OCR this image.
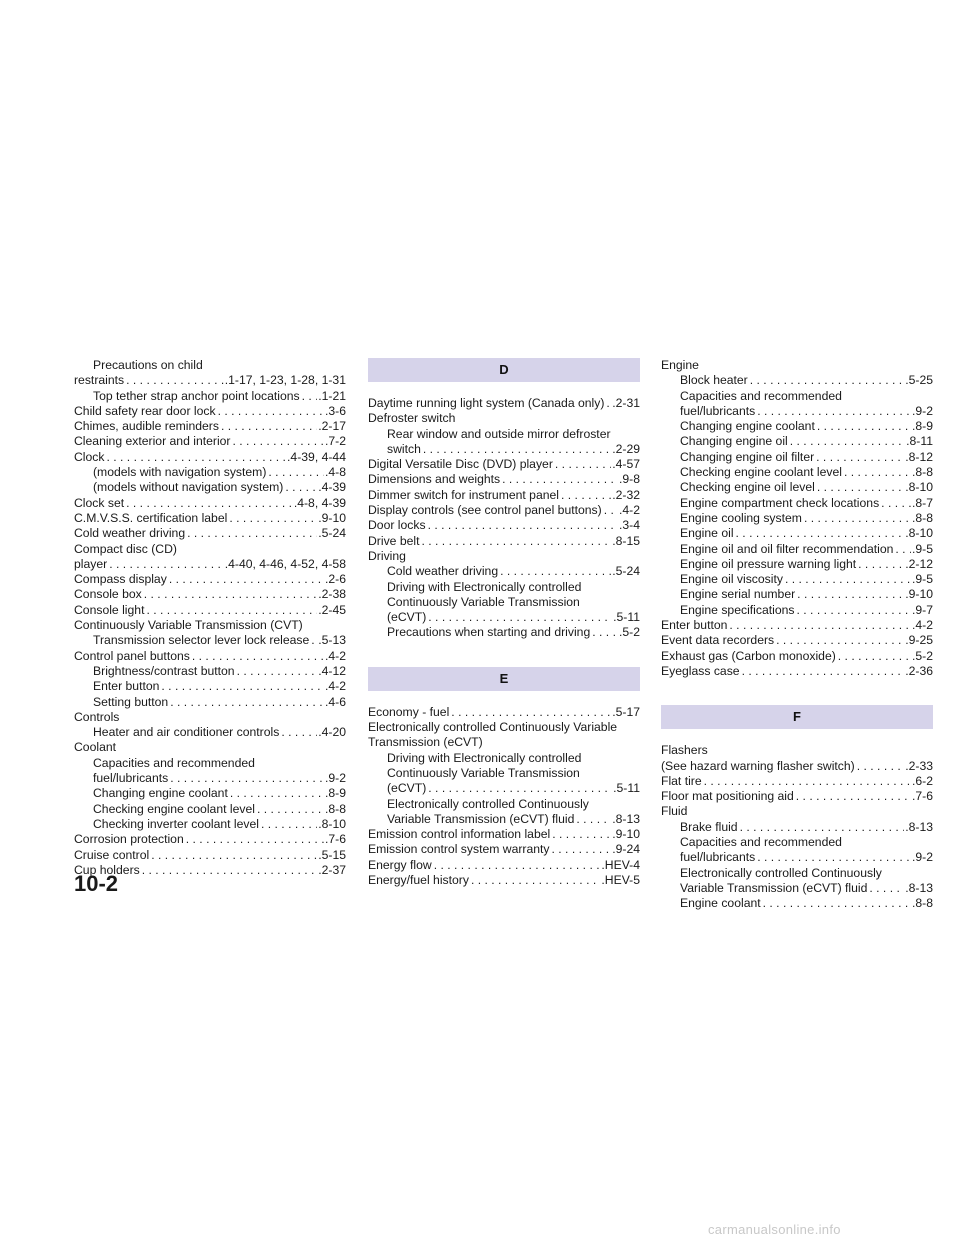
Precautions on child
restraints . . .	.1-17, 1-23, 1-28, 1-31
Top tether strap anchor point locations . . . .1-21
Child safety rear door lock . . .	.3-6
Chimes, audible reminders . . .	.2-17
Cleaning exterior and interior . . .	.7-2
Clock . . .	.4-39, 4-44
(models with navigation system) . . .	.4-8
(models without navigation system) . . .	.4-39
Clock set . . .	.4-8, 4-39
C.M.V.S.S. certification label . . .	.9-10
Cold weather driving . . .	.5-24
Compact disc (CD)
player . . .	.4-40, 4-46, 4-52, 4-58
Compass display . . .	.2-6
Console box . . .	.2-38
Console light . . .	.2-45
Continuously Variable Transmission (CVT)
Transmission selector lever lock release . . . .5-13
Control panel buttons . . .	.4-2
Brightness/contrast button . . .	.4-12
Enter button . . .	.4-2
Setting button . . .	.4-6
Controls
Heater and air conditioner controls . . .	.4-20
Coolant
Capacities and recommended
fuel/lubricants . . .	.9-2
Changing engine coolant . . .	.8-9
Checking engine coolant level . . .	.8-8
Checking inverter coolant level . . .	.8-10
Corrosion protection . . .	.7-6
Cruise control . . .	.5-15
Cup holders . . .	.2-37
D
Daytime running light system (Canada only) . . . .2-31
Defroster switch
Rear window and outside mirror defroster
switch . . .	.2-29
Digital Versatile Disc (DVD) player . . .	.4-57
Dimensions and weights . . .	.9-8
Dimmer switch for instrument panel . . .	.2-32
Display controls (see control panel buttons) . . . .4-2
Door locks . . .	.3-4
Drive belt . . .	.8-15
Driving
Cold weather driving . . .	.5-24
Driving with Electronically controlled
Continuously Variable Transmission
(eCVT) . . .	.5-11
Precautions when starting and driving . . . .5-2
E
Economy - fuel . . .	.5-17
Electronically controlled Continuously Variable
Transmission (eCVT)
Driving with Electronically controlled
Continuously Variable Transmission
(eCVT) . . .	.5-11
Electronically controlled Continuously
Variable Transmission (eCVT) fluid . . .	.8-13
Emission control information label . . .	.9-10
Emission control system warranty . . .	.9-24
Energy flow . . .	.HEV-4
Energy/fuel history . . .	.HEV-5
Engine
Block heater . . .	.5-25
Capacities and recommended
fuel/lubricants . . .	.9-2
Changing engine coolant . . .	.8-9
Changing engine oil . . .	.8-11
Changing engine oil filter . . .	.8-12
Checking engine coolant level . . .	.8-8
Checking engine oil level . . .	.8-10
Engine compartment check locations . . .	.8-7
Engine cooling system . . .	.8-8
Engine oil . . .	.8-10
Engine oil and oil filter recommendation . . . .9-5
Engine oil pressure warning light . . .	.2-12
Engine oil viscosity . . .	.9-5
Engine serial number . . .	.9-10
Engine specifications . . .	.9-7
Enter button . . .	.4-2
Event data recorders . . .	.9-25
Exhaust gas (Carbon monoxide) . . .	.5-2
Eyeglass case . . .	.2-36
F
Flashers
(See hazard warning flasher switch) . . .	.2-33
Flat tire . . .	.6-2
Floor mat positioning aid . . .	.7-6
Fluid
Brake fluid . . .	.8-13
Capacities and recommended
fuel/lubricants . . .	.9-2
Electronically controlled Continuously
Variable Transmission (eCVT) fluid . . .	.8-13
Engine coolant . . .	.8-8
10-2
carmanualsonline.info
